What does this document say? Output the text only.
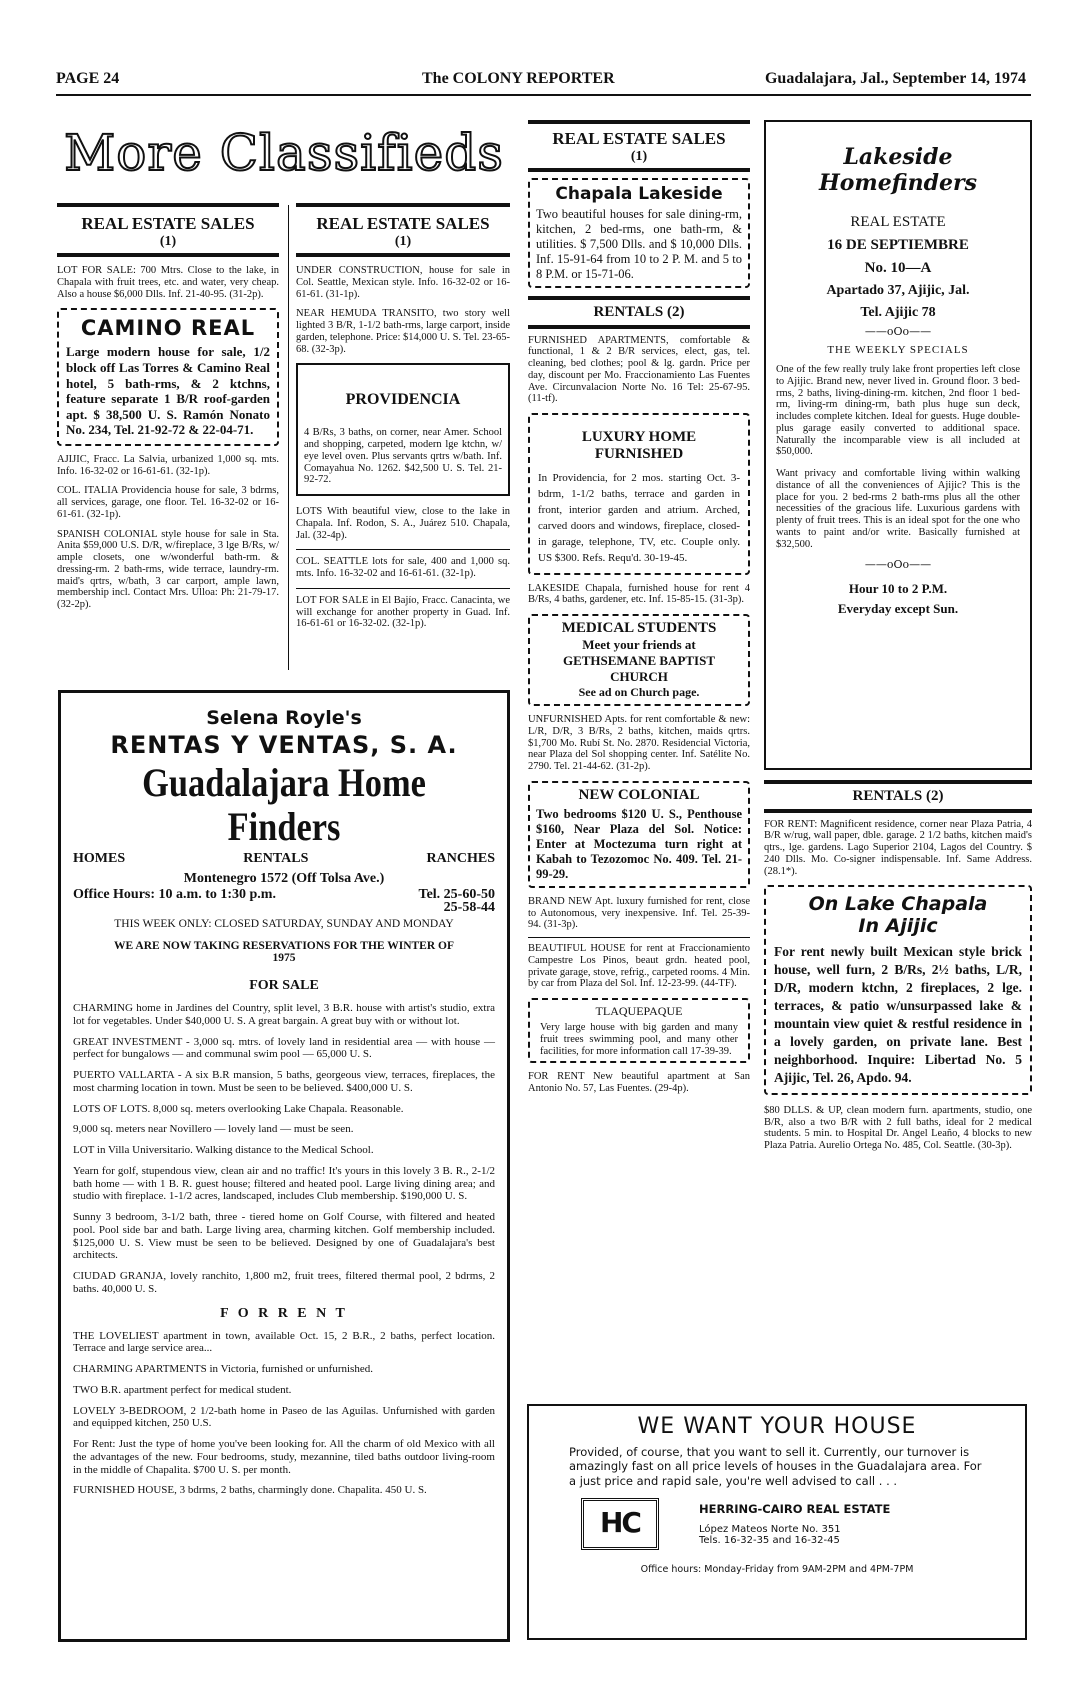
PAGE 24	The COLONY REPORTER	Guadalajara, Jal., September 14, 1974
More Classifieds
REAL ESTATE SALES
(1)
LOT FOR SALE: 700 Mtrs. Close to the lake, in Chapala with fruit trees, etc. and water, very cheap. Also a house $6,000 Dlls. Inf. 21-40-95. (31-2p).
CAMINO REAL
Large modern house for sale, 1/2 block off Las Torres & Camino Real hotel, 5 bath-rms, & 2 ktchns, feature separate 1 B/R roof-garden apt. $ 38,500 U. S. Ramón Nonato No. 234, Tel. 21-92-72 & 22-04-71.
AJIJIC, Fracc. La Salvia, urbanized 1,000 sq. mts. Info. 16-32-02 or 16-61-61. (32-1p).
COL. ITALIA Providencia house for sale, 3 bdrms, all services, garage, one floor. Tel. 16-32-02 or 16-61-61. (32-1p).
SPANISH COLONIAL style house for sale in Sta. Anita $59,000 U.S. D/R, w/fireplace, 3 lge B/Rs, w/ ample closets, one w/wonderful bath-rm. & dressing-rm. 2 bath-rms, wide terrace, laundry-rm. maid's qrtrs, w/bath, 3 car carport, ample lawn, membership incl. Contact Mrs. Ulloa: Ph: 21-79-17. (32-2p).
REAL ESTATE SALES
(1)
UNDER CONSTRUCTION, house for sale in Col. Seattle, Mexican style. Info. 16-32-02 or 16-61-61. (31-1p).
NEAR HEMUDA TRANSITO, two story well lighted 3 B/R, 1-1/2 bath-rms, large carport, inside garden, telephone. Price: $14,000 U. S. Tel. 23-65-68. (32-3p).
PROVIDENCIA
4 B/Rs, 3 baths, on corner, near Amer. School and shopping, carpeted, modern lge ktchn, w/ eye level oven. Plus servants qrtrs w/bath. Inf. Comayahua No. 1262. $42,500 U. S. Tel. 21-92-72.
LOTS With beautiful view, close to the lake in Chapala. Inf. Rodon, S. A., Juárez 510. Chapala, Jal. (32-4p).
COL. SEATTLE lots for sale, 400 and 1,000 sq. mts. Info. 16-32-02 and 16-61-61. (32-1p).
LOT FOR SALE in El Bajío, Fracc. Canacinta, we will exchange for another property in Guad. Inf. 16-61-61 or 16-32-02. (32-1p).
Selena Royle's
RENTAS Y VENTAS, S. A.
Guadalajara Home Finders
HOMES	RENTALS	RANCHES
Montenegro 1572 (Off Tolsa Ave.)
Office Hours: 10 a.m. to 1:30 p.m.	Tel. 25-60-50
25-58-44
THIS WEEK ONLY: CLOSED SATURDAY, SUNDAY AND MONDAY
WE ARE NOW TAKING RESERVATIONS FOR THE WINTER OF 1975
FOR SALE

CHARMING home in Jardines del Country, split level, 3 B.R. house with artist's studio, extra lot for vegetables. Under $40,000 U. S. A great bargain. A great buy with or without lot.

GREAT INVESTMENT - 3,000 sq. mtrs. of lovely land in residential area — with house — perfect for bungalows — and communal swim pool — 65,000 U. S.

PUERTO VALLARTA - A six B.R mansion, 5 baths, georgeous view, terraces, fireplaces, the most charming location in town. Must be seen to be believed. $400,000 U. S.

LOTS OF LOTS. 8,000 sq. meters overlooking Lake Chapala. Reasonable.

9,000 sq. meters near Novillero — lovely land — must be seen.

LOT in Villa Universitario. Walking distance to the Medical School.

Yearn for golf, stupendous view, clean air and no traffic! It's yours in this lovely 3 B. R., 2-1/2 bath home — with 1 B. R. guest house; filtered and heated pool. Large living dining area; and studio with fireplace. 1-1/2 acres, landscaped, includes Club membership. $190,000 U. S.

Sunny 3 bedroom, 3-1/2 bath, three - tiered home on Golf Course, with filtered and heated pool. Pool side bar and bath. Large living area, charming kitchen. Golf membership included. $125,000 U. S. View must be seen to be believed. Designed by one of Guadalajara's best architects.

CIUDAD GRANJA, lovely ranchito, 1,800 m2, fruit trees, filtered thermal pool, 2 bdrms, 2 baths. 40,000 U. S.

F O R R E N T

THE LOVELIEST apartment in town, available Oct. 15, 2 B.R., 2 baths, perfect location. Terrace and large service area...

CHARMING APARTMENTS in Victoria, furnished or unfurnished.

TWO B.R. apartment perfect for medical student.

LOVELY 3-BEDROOM, 2 1/2-bath home in Paseo de las Aguilas. Unfurnished with garden and equipped kitchen, 250 U.S.

For Rent: Just the type of home you've been looking for. All the charm of old Mexico with all the advantages of the new. Four bedrooms, study, mezannine, tiled baths outdoor living-room in the middle of Chapalita. $700 U. S. per month.

FURNISHED HOUSE, 3 bdrms, 2 baths, charmingly done. Chapalita. 450 U. S.

REAL ESTATE SALES
(1)
Chapala Lakeside
Two beautiful houses for sale dining-rm, kitchen, 2 bed-rms, one bath-rm, & utilities. $ 7,500 Dlls. and $ 10,000 Dlls. Inf. 15-91-64 from 10 to 2 P. M. and 5 to 8 P.M. or 15-71-06.
RENTALS (2)
FURNISHED APARTMENTS, comfortable & functional, 1 & 2 B/R services, elect, gas, tel. cleaning, bed clothes; pool & lg. gardn. Price per day, discount per Mo. Fraccionamiento Las Fuentes Ave. Circunvalacion Norte No. 16 Tel: 25-67-95. (11-tf).
LUXURY HOME FURNISHED
In Providencia, for 2 mos. starting Oct. 3-bdrm, 1-1/2 baths, terrace and garden in front, interior garden and atrium. Arched, carved doors and windows, fireplace, closed-in garage, telephone, TV, etc. Couple only. US $300. Refs. Requ'd. 30-19-45.
LAKESIDE Chapala, furnished house for rent 4 B/Rs, 4 baths, gardener, etc. Inf. 15-85-15. (31-3p).
MEDICAL STUDENTS
Meet your friends at
GETHSEMANE BAPTIST
CHURCH
See ad on Church page.
UNFURNISHED Apts. for rent comfortable & new: L/R, D/R, 3 B/Rs, 2 baths, kitchen, maids qrtrs. $1,700 Mo. Rubí St. No. 2870. Residencial Victoria, near Plaza del Sol shopping center. Inf. Satélite No. 2790. Tel. 21-44-62. (31-2p).
NEW COLONIAL
Two bedrooms $120 U. S., Penthouse $160, Near Plaza del Sol. Notice: Enter at Moctezuma turn right at Kabah to Tezozomoc No. 409. Tel. 21-99-29.
BRAND NEW Apt. luxury furnished for rent, close to Autonomous, very inexpensive. Inf. Tel. 25-39-94. (31-3p).
BEAUTIFUL HOUSE for rent at Fraccionamiento Campestre Los Pinos, beaut grdn. heated pool, private garage, stove, refrig., carpeted rooms. 4 Min. by car from Plaza del Sol. Inf. 12-23-99. (44-TF).
TLAQUEPAQUE
Very large house with big garden and many fruit trees swimming pool, and many other facilities, for more information call 17-39-39.
FOR RENT New beautiful apartment at San Antonio No. 57, Las Fuentes. (29-4p).
Lakeside
Homefinders
REAL ESTATE
16 DE SEPTIEMBRE
No. 10—A
Apartado 37, Ajijic, Jal.
Tel. Ajijic 78
——oOo——
THE WEEKLY SPECIALS
One of the few really truly lake front properties left close to Ajijic. Brand new, never lived in. Ground floor. 3 bed-rms, 2 baths, living-dining-rm. kitchen, 2nd floor 1 bed-rm, living-rm dining-rm, bath plus huge sun deck, includes complete kitchen. Ideal for guests. Huge double-plus garage easily converted to additional space. Naturally the incomparable view is all included at $50,000.
Want privacy and comfortable living within walking distance of all the conveniences of Ajijic? This is the place for you. 2 bed-rms 2 bath-rms plus all the other necessities of the gracious life. Luxurious gardens with plenty of fruit trees. This is an ideal spot for the one who wants to paint and/or write. Basically furnished at $32,500.
——oOo——
Hour 10 to 2 P.M.
Everyday except Sun.
RENTALS (2)
FOR RENT: Magnificent residence, corner near Plaza Patria, 4 B/R w/rug, wall paper, dble. garage. 2 1/2 baths, kitchen maid's qtrs., lge. gardens. Lago Superior 2104, Lagos del Country. $ 240 Dlls. Mo. Co-signer indispensable. Inf. Same Address. (28.1*).
On Lake Chapala
In Ajijic
For rent newly built Mexican style brick house, well furn, 2 B/Rs, 2½ baths, L/R, D/R, modern ktchn, 2 fireplaces, 2 lge. terraces, & patio w/unsurpassed lake & mountain view quiet & restful residence in a lovely garden, on private lane. Best neighborhood. Inquire: Libertad No. 5 Ajijic, Tel. 26, Apdo. 94.
$80 DLLS. & UP, clean modern furn. apartments, studio, one B/R, also a two B/R with 2 full baths, ideal for 2 medical students. 5 min. to Hospital Dr. Angel Leaño, 4 blocks to new Plaza Patria. Aurelio Ortega No. 485, Col. Seattle. (30-3p).
WE WANT YOUR HOUSE
Provided, of course, that you want to sell it. Currently, our turnover is amazingly fast on all price levels of houses in the Guadalajara area. For a just price and rapid sale, you're well advised to call . . .
HC	HERRING-CAIRO REAL ESTATE
López Mateos Norte No. 351
Tels. 16-32-35 and 16-32-45
Office hours: Monday-Friday from 9AM-2PM and 4PM-7PM
